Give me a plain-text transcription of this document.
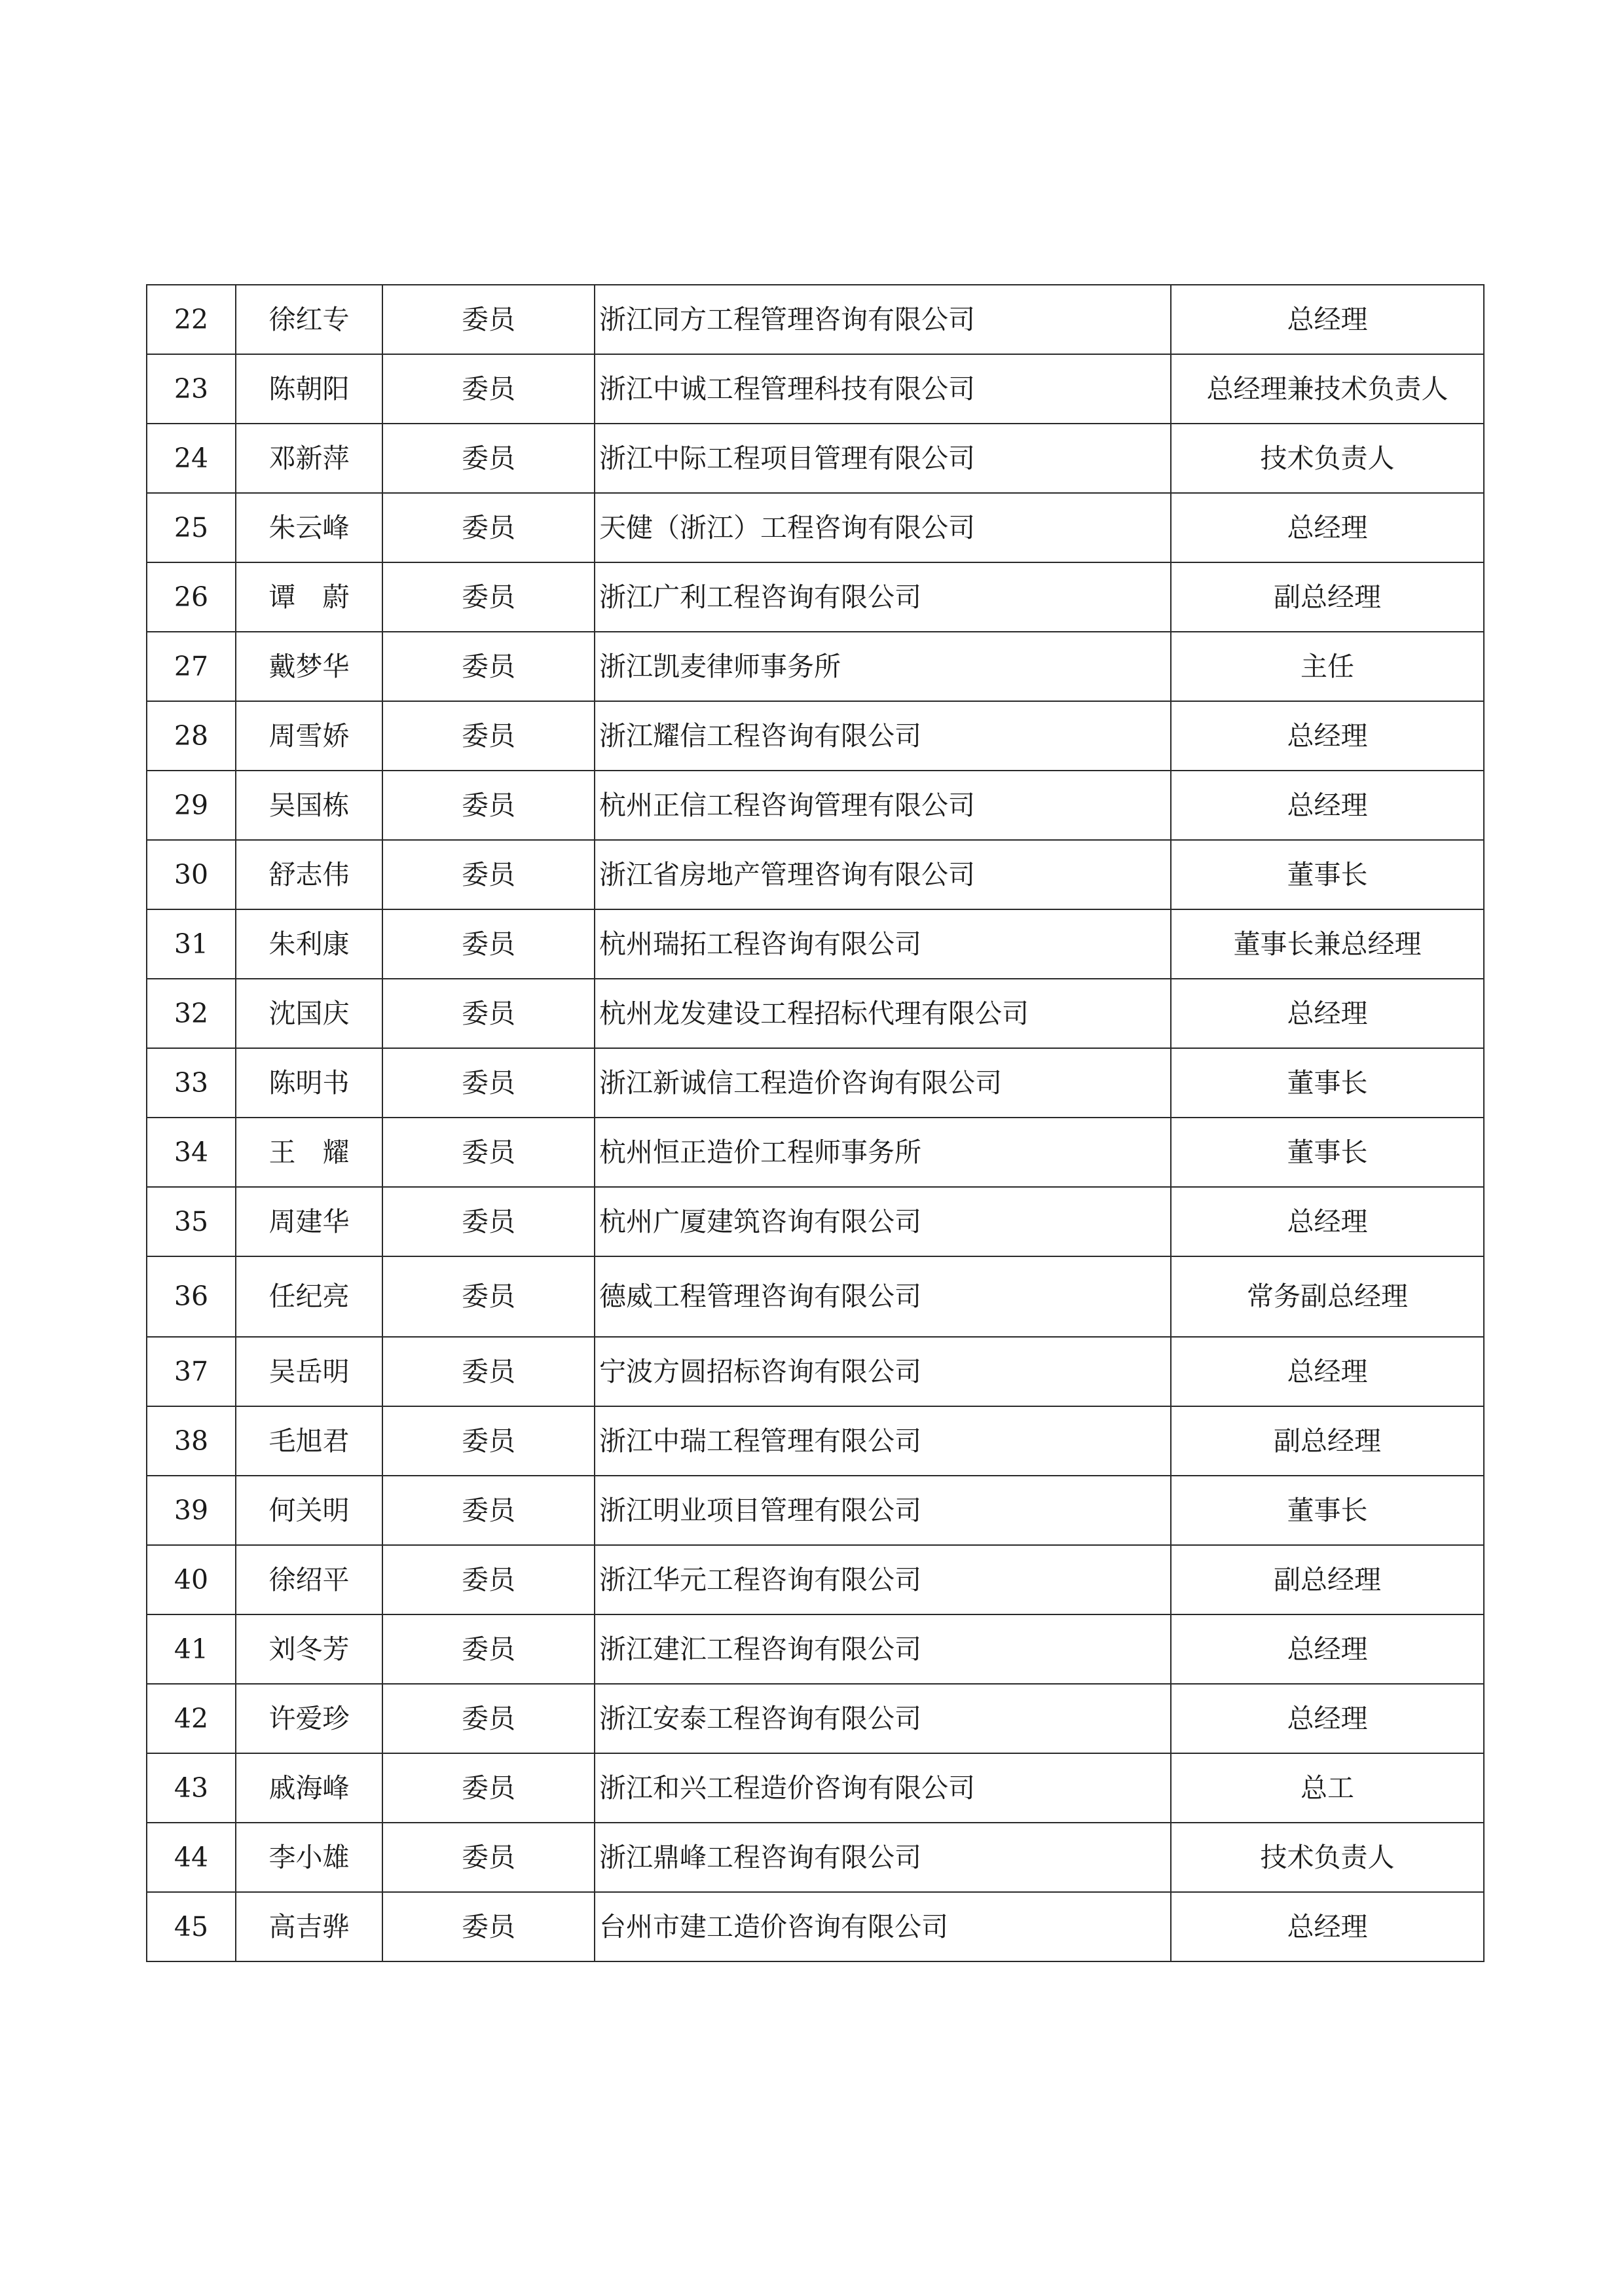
22	徐红专	委员	浙江同方工程管理咨询有限公司	总经理
23	陈朝阳	委员	浙江中诚工程管理科技有限公司	总经理兼技术负责人
24	邓新萍	委员	浙江中际工程项目管理有限公司	技术负责人
25	朱云峰	委员	天健（浙江）工程咨询有限公司	总经理
26	谭　蔚	委员	浙江广利工程咨询有限公司	副总经理
27	戴梦华	委员	浙江凯麦律师事务所	主任
28	周雪娇	委员	浙江耀信工程咨询有限公司	总经理
29	吴国栋	委员	杭州正信工程咨询管理有限公司	总经理
30	舒志伟	委员	浙江省房地产管理咨询有限公司	董事长
31	朱利康	委员	杭州瑞拓工程咨询有限公司	董事长兼总经理
32	沈国庆	委员	杭州龙发建设工程招标代理有限公司	总经理
33	陈明书	委员	浙江新诚信工程造价咨询有限公司	董事长
34	王　耀	委员	杭州恒正造价工程师事务所	董事长
35	周建华	委员	杭州广厦建筑咨询有限公司	总经理
36	任纪亮	委员	德威工程管理咨询有限公司	常务副总经理
37	吴岳明	委员	宁波方圆招标咨询有限公司	总经理
38	毛旭君	委员	浙江中瑞工程管理有限公司	副总经理
39	何关明	委员	浙江明业项目管理有限公司	董事长
40	徐绍平	委员	浙江华元工程咨询有限公司	副总经理
41	刘冬芳	委员	浙江建汇工程咨询有限公司	总经理
42	许爱珍	委员	浙江安泰工程咨询有限公司	总经理
43	戚海峰	委员	浙江和兴工程造价咨询有限公司	总工
44	李小雄	委员	浙江鼎峰工程咨询有限公司	技术负责人
45	高吉骅	委员	台州市建工造价咨询有限公司	总经理
